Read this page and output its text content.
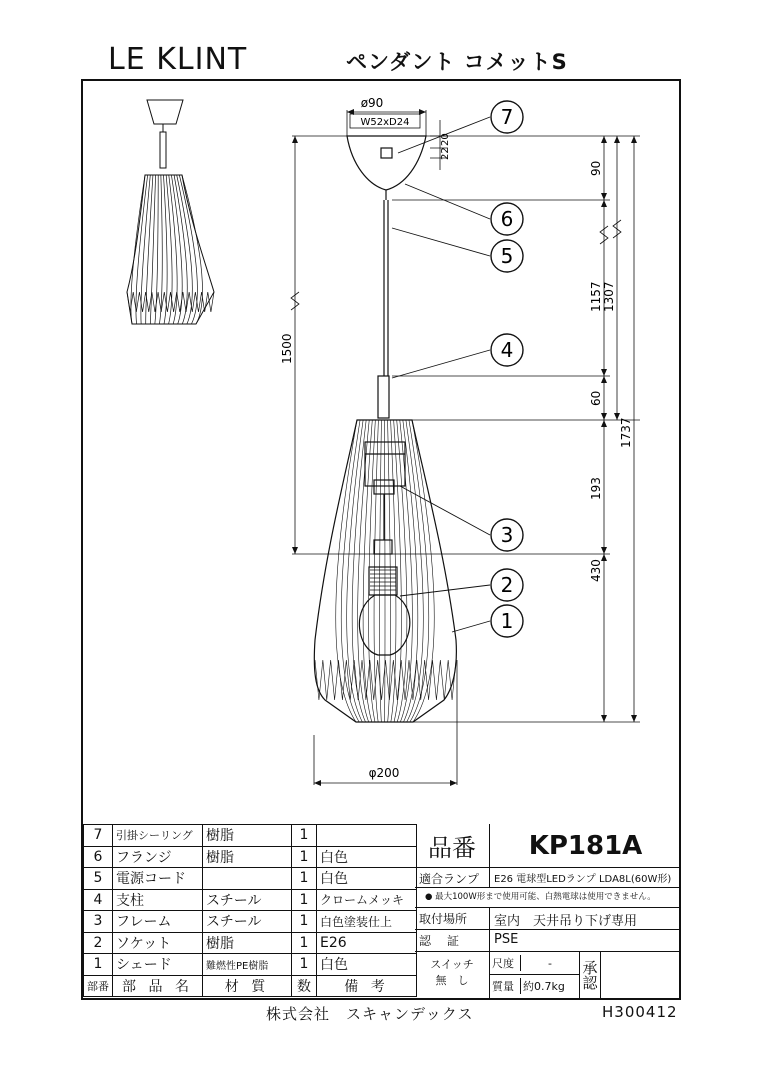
LE KLINT	ペンダント コメットS
ø90
W52xD24
20
22
90
1157 1307
1500
60
1737
193
430
φ200
7
6
5
4
3
2
1
7	引掛シーリング	樹脂	1	
6	フランジ	樹脂	1	白色
5	電源コード		1	白色
4	支柱	スチール	1	クロームメッキ
3	フレーム	スチール	1	白色塗装仕上
2	ソケット	樹脂	1	E26
1	シェード	難燃性PE樹脂	1	白色
部番	部 品 名	材 質	数	備 考
品番	KP181A
適合ランプ	E26 電球型LEDランプ LDA8L(60W形)
● 最大100W形まで使用可能、白熱電球は使用できません。
取付場所	室内　天井吊り下げ専用
認　証	PSE
スイッチ
無　し
尺度	-
質量 約0.7kg	承認
株式会社　スキャンデックス	H300412
